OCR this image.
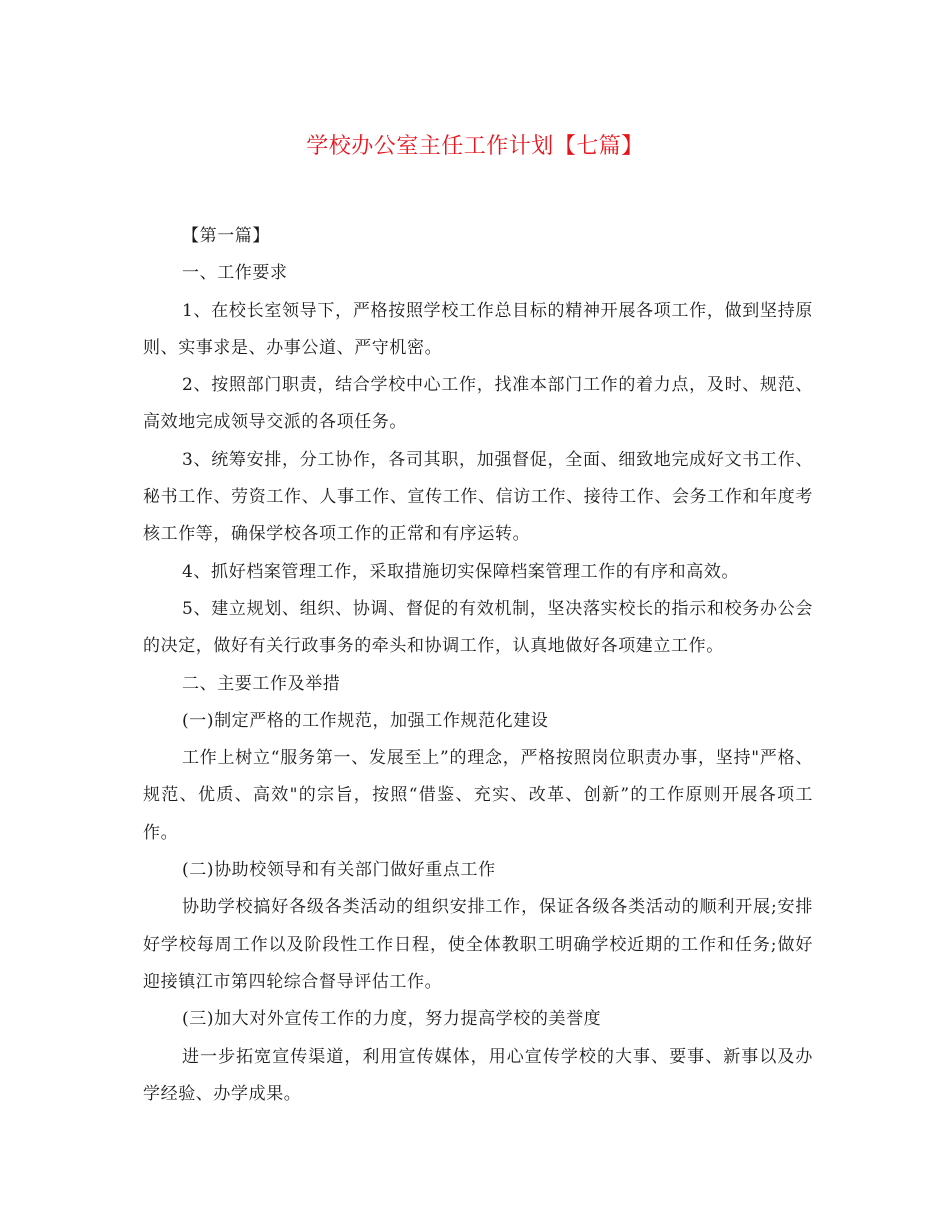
学校办公室主任工作计划【七篇】

【第一篇】

一、工作要求

1、在校长室领导下，严格按照学校工作总目标的精神开展各项工作，做到坚持原则、实事求是、办事公道、严守机密。

2、按照部门职责，结合学校中心工作，找准本部门工作的着力点，及时、规范、高效地完成领导交派的各项任务。

3、统筹安排，分工协作，各司其职，加强督促，全面、细致地完成好文书工作、秘书工作、劳资工作、人事工作、宣传工作、信访工作、接待工作、会务工作和年度考核工作等，确保学校各项工作的正常和有序运转。

4、抓好档案管理工作，采取措施切实保障档案管理工作的有序和高效。

5、建立规划、组织、协调、督促的有效机制，坚决落实校长的指示和校务办公会的决定，做好有关行政事务的牵头和协调工作，认真地做好各项建立工作。

二、主要工作及举措

(一)制定严格的工作规范，加强工作规范化建设

工作上树立“服务第一、发展至上”的理念，严格按照岗位职责办事，坚持"严格、规范、优质、高效"的宗旨，按照“借鉴、充实、改革、创新”的工作原则开展各项工作。

(二)协助校领导和有关部门做好重点工作

协助学校搞好各级各类活动的组织安排工作，保证各级各类活动的顺利开展;安排好学校每周工作以及阶段性工作日程，使全体教职工明确学校近期的工作和任务;做好迎接镇江市第四轮综合督导评估工作。

(三)加大对外宣传工作的力度，努力提高学校的美誉度

进一步拓宽宣传渠道，利用宣传媒体，用心宣传学校的大事、要事、新事以及办学经验、办学成果。
